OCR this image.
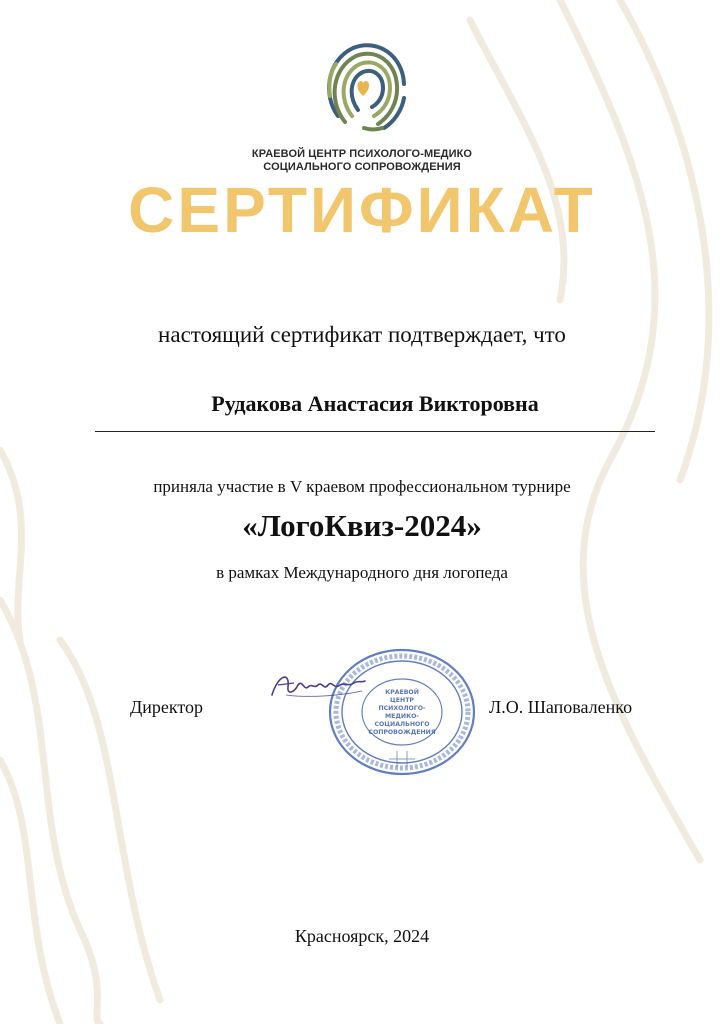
КРАЕВОЙ ЦЕНТР ПСИХОЛОГО-МЕДИКО
СОЦИАЛЬНОГО СОПРОВОЖДЕНИЯ
СЕРТИФИКАТ
настоящий сертификат подтверждает, что
Рудакова Анастасия Викторовна
приняла участие в V краевом профессиональном турнире
«ЛогоКвиз-2024»
в рамках Международного дня логопеда
Директор
КРАЕВОЙ
ЦЕНТР
ПСИХОЛОГО-
МЕДИКО-
СОЦИАЛЬНОГО
СОПРОВОЖДЕНИЯ
Л.О. Шаповаленко
Красноярск, 2024
